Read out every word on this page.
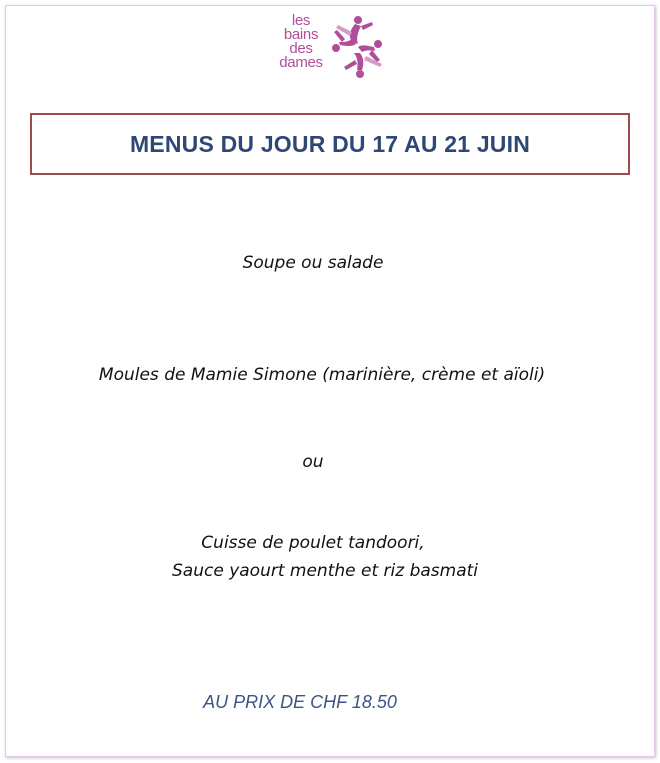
les
bains
des
dames
MENUS DU JOUR DU 17 AU 21 JUIN
Soupe ou salade
Moules de Mamie Simone (marinière, crème et aïoli)
ou
Cuisse de poulet tandoori,
Sauce yaourt menthe et riz basmati
AU PRIX DE CHF 18.50
